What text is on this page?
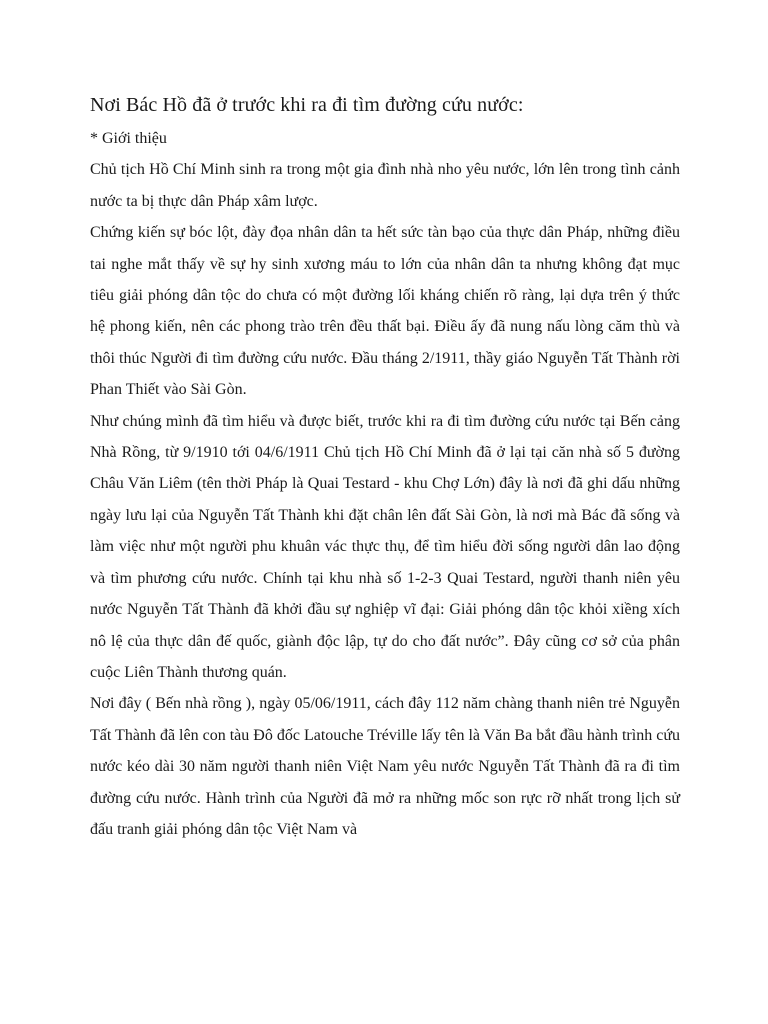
Nơi Bác Hồ đã ở trước khi ra đi tìm đường cứu nước:

* Giới thiệu

Chủ tịch Hồ Chí Minh sinh ra trong một gia đình nhà nho yêu nước, lớn lên trong tình cảnh nước ta bị thực dân Pháp xâm lược.

Chứng kiến sự bóc lột, đày đọa nhân dân ta hết sức tàn bạo của thực dân Pháp, những điều tai nghe mắt thấy về sự hy sinh xương máu to lớn của nhân dân ta nhưng không đạt mục tiêu giải phóng dân tộc do chưa có một đường lối kháng chiến rõ ràng, lại dựa trên ý thức hệ phong kiến, nên các phong trào trên đều thất bại. Điều ấy đã nung nấu lòng căm thù và thôi thúc Người đi tìm đường cứu nước. Đầu tháng 2/1911, thầy giáo Nguyễn Tất Thành rời Phan Thiết vào Sài Gòn.

Như chúng mình đã tìm hiểu và được biết, trước khi ra đi tìm đường cứu nước tại Bến cảng Nhà Rồng, từ 9/1910 tới 04/6/1911 Chủ tịch Hồ Chí Minh đã ở lại tại căn nhà số 5 đường Châu Văn Liêm (tên thời Pháp là Quai Testard - khu Chợ Lớn) đây là nơi đã ghi dấu những ngày lưu lại của Nguyễn Tất Thành khi đặt chân lên đất Sài Gòn, là nơi mà Bác đã sống và làm việc như một người phu khuân vác thực thụ, để tìm hiểu đời sống người dân lao động và tìm phương cứu nước. Chính tại khu nhà số 1-2-3 Quai Testard, người thanh niên yêu nước Nguyễn Tất Thành đã khởi đầu sự nghiệp vĩ đại: Giải phóng dân tộc khỏi xiềng xích nô lệ của thực dân đế quốc, giành độc lập, tự do cho đất nước”. Đây cũng cơ sở của phân cuộc Liên Thành thương quán.

Nơi đây ( Bến nhà rồng ), ngày 05/06/1911, cách đây 112 năm chàng thanh niên trẻ Nguyễn Tất Thành đã lên con tàu Đô đốc Latouche Tréville lấy tên là Văn Ba bắt đầu hành trình cứu nước kéo dài 30 năm người thanh niên Việt Nam yêu nước Nguyễn Tất Thành đã ra đi tìm đường cứu nước. Hành trình của Người đã mở ra những mốc son rực rỡ nhất trong lịch sử đấu tranh giải phóng dân tộc Việt Nam và
